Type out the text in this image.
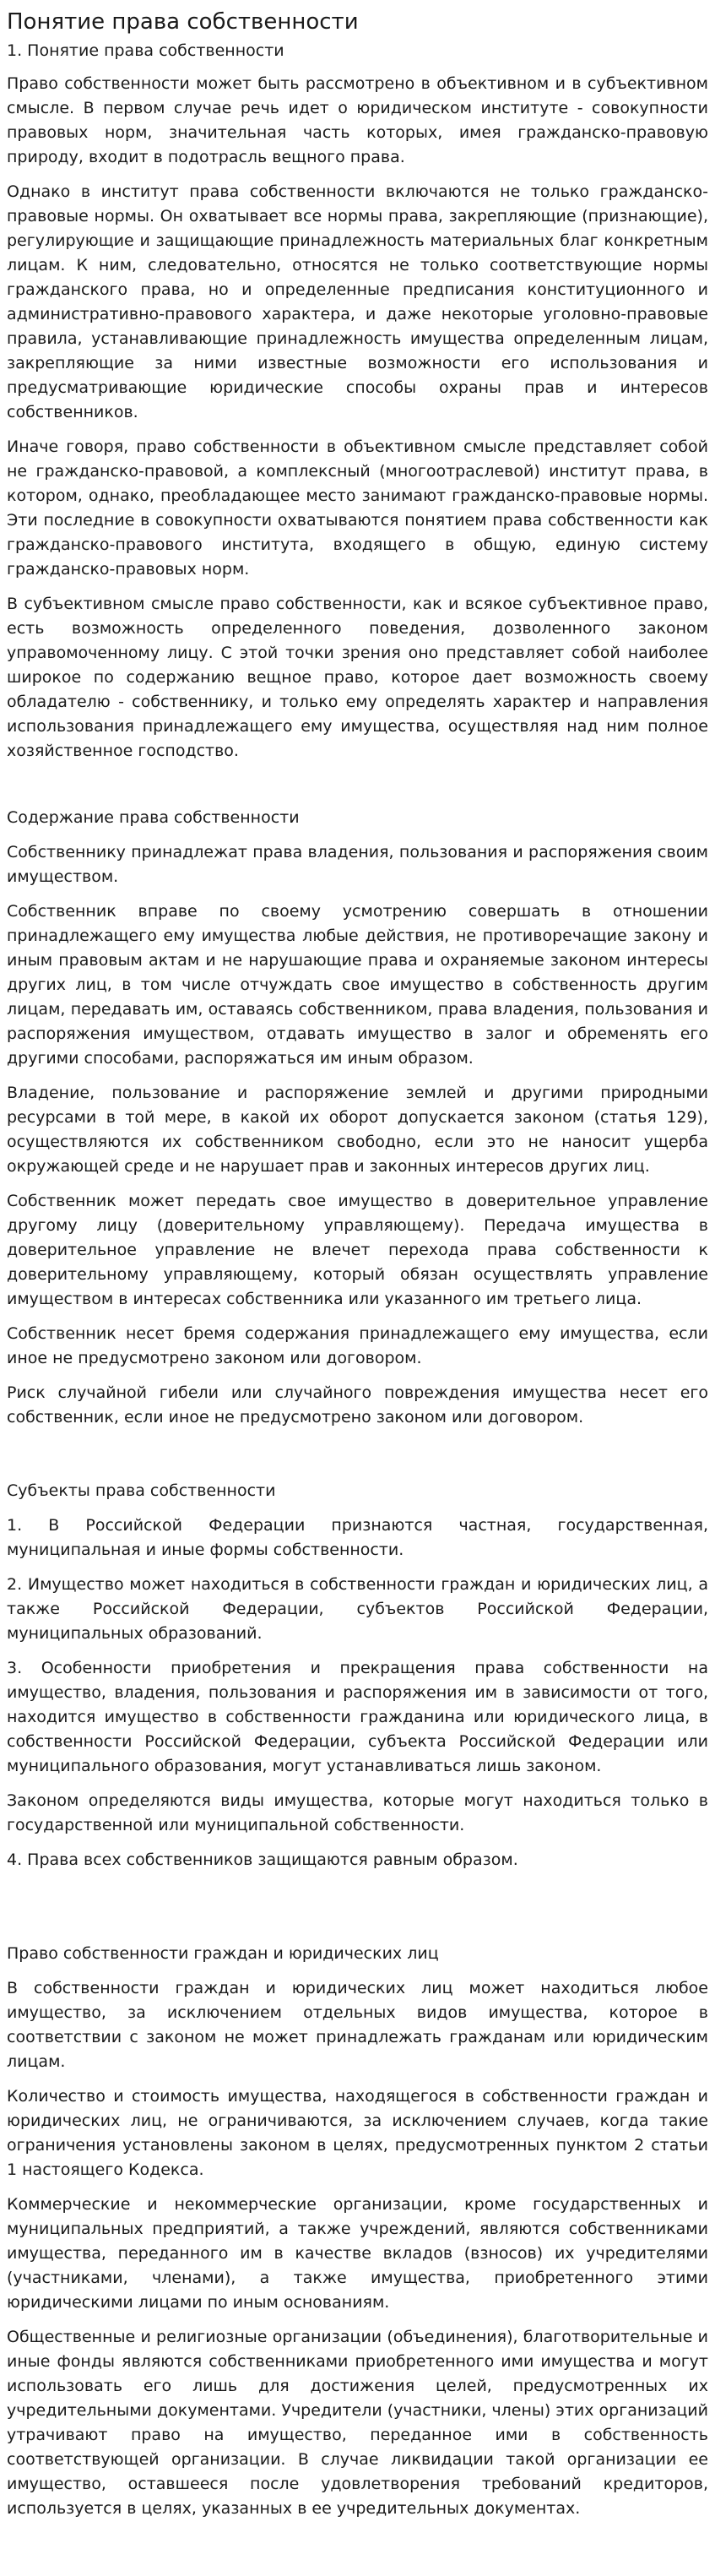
Понятие права собственности
1. Понятие права собственности

Право собственности может быть рассмотрено в объективном и в субъективном смысле. В первом случае речь идет о юридическом институте - совокупности правовых норм, значительная часть которых, имея гражданско-правовую природу, входит в подотрасль вещного права.

Однако в институт права собственности включаются не только гражданско-правовые нормы. Он охватывает все нормы права, закрепляющие (признающие), регулирующие и защищающие принадлежность материальных благ конкретным лицам. К ним, следовательно, относятся не только соответствующие нормы гражданского права, но и определенные предписания конституционного и административно-правового характера, и даже некоторые уголовно-правовые правила, устанавливающие принадлежность имущества определенным лицам, закрепляющие за ними известные возможности его использования и предусматривающие юридические способы охраны прав и интересов собственников.

Иначе говоря, право собственности в объективном смысле представляет собой не гражданско-правовой, а комплексный (многоотраслевой) институт права, в котором, однако, преобладающее место занимают гражданско-правовые нормы. Эти последние в совокупности охватываются понятием права собственности как гражданско-правового института, входящего в общую, единую систему гражданско-правовых норм.

В субъективном смысле право собственности, как и всякое субъективное право, есть возможность определенного поведения, дозволенного законом управомоченному лицу. С этой точки зрения оно представляет собой наиболее широкое по содержанию вещное право, которое дает возможность своему обладателю - собственнику, и только ему определять характер и направления использования принадлежащего ему имущества, осуществляя над ним полное хозяйственное господство.

Содержание права собственности

Собственнику принадлежат права владения, пользования и распоряжения своим имуществом.

Собственник вправе по своему усмотрению совершать в отношении принадлежащего ему имущества любые действия, не противоречащие закону и иным правовым актам и не нарушающие права и охраняемые законом интересы других лиц, в том числе отчуждать свое имущество в собственность другим лицам, передавать им, оставаясь собственником, права владения, пользования и распоряжения имуществом, отдавать имущество в залог и обременять его другими способами, распоряжаться им иным образом.

Владение, пользование и распоряжение землей и другими природными ресурсами в той мере, в какой их оборот допускается законом (статья 129), осуществляются их собственником свободно, если это не наносит ущерба окружающей среде и не нарушает прав и законных интересов других лиц.

Собственник может передать свое имущество в доверительное управление другому лицу (доверительному управляющему). Передача имущества в доверительное управление не влечет перехода права собственности к доверительному управляющему, который обязан осуществлять управление имуществом в интересах собственника или указанного им третьего лица.

Собственник несет бремя содержания принадлежащего ему имущества, если иное не предусмотрено законом или договором.

Риск случайной гибели или случайного повреждения имущества несет его собственник, если иное не предусмотрено законом или договором.

Субъекты права собственности

1. В Российской Федерации признаются частная, государственная, муниципальная и иные формы собственности.

2. Имущество может находиться в собственности граждан и юридических лиц, а также Российской Федерации, субъектов Российской Федерации, муниципальных образований.

3. Особенности приобретения и прекращения права собственности на имущество, владения, пользования и распоряжения им в зависимости от того, находится имущество в собственности гражданина или юридического лица, в собственности Российской Федерации, субъекта Российской Федерации или муниципального образования, могут устанавливаться лишь законом.

Законом определяются виды имущества, которые могут находиться только в государственной или муниципальной собственности.

4. Права всех собственников защищаются равным образом.

Право собственности граждан и юридических лиц

В собственности граждан и юридических лиц может находиться любое имущество, за исключением отдельных видов имущества, которое в соответствии с законом не может принадлежать гражданам или юридическим лицам.

Количество и стоимость имущества, находящегося в собственности граждан и юридических лиц, не ограничиваются, за исключением случаев, когда такие ограничения установлены законом в целях, предусмотренных пунктом 2 статьи 1 настоящего Кодекса.

Коммерческие и некоммерческие организации, кроме государственных и муниципальных предприятий, а также учреждений, являются собственниками имущества, переданного им в качестве вкладов (взносов) их учредителями (участниками, членами), а также имущества, приобретенного этими юридическими лицами по иным основаниям.

Общественные и религиозные организации (объединения), благотворительные и иные фонды являются собственниками приобретенного ими имущества и могут использовать его лишь для достижения целей, предусмотренных их учредительными документами. Учредители (участники, члены) этих организаций утрачивают право на имущество, переданное ими в собственность соответствующей организации. В случае ликвидации такой организации ее имущество, оставшееся после удовлетворения требований кредиторов, используется в целях, указанных в ее учредительных документах.
